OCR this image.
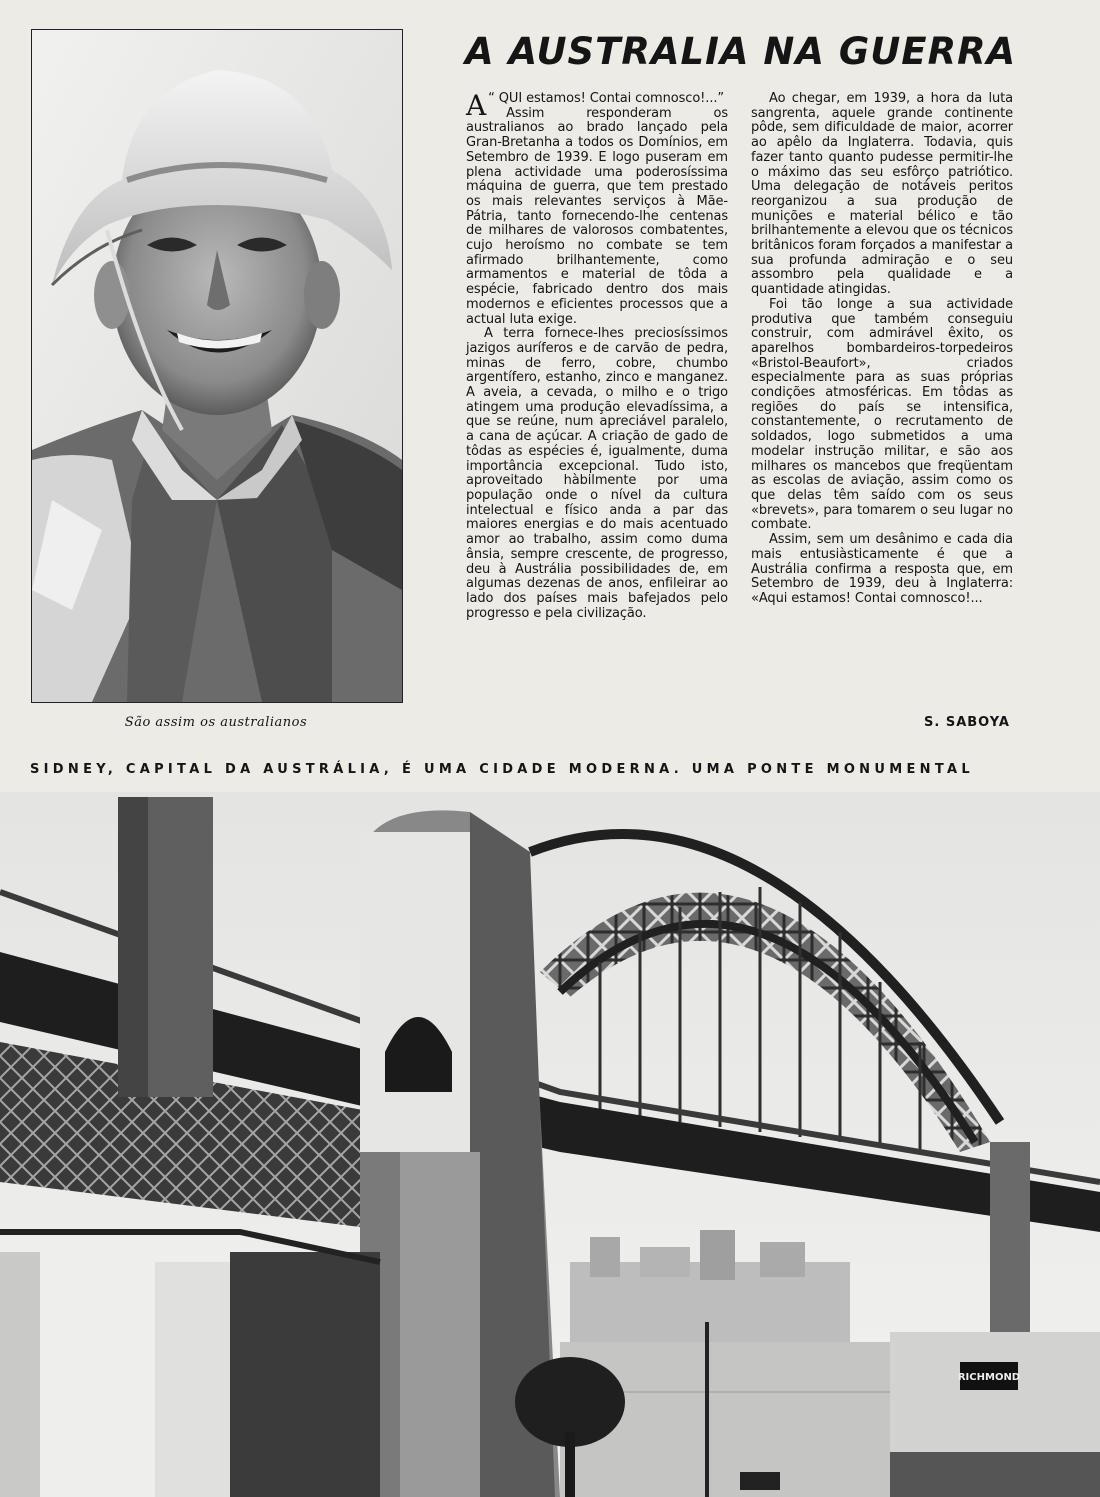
São assim os australianos
A AUSTRALIA NA GUERRA

A “ QUI estamos! Contai comnosco!...”

Assim responderam os australianos ao brado lançado pela Gran-Bretanha a todos os Domínios, em Setembro de 1939. E logo puseram em plena actividade uma poderosíssima máquina de guerra, que tem prestado os mais relevantes serviços à Mãe-Pátria, tanto fornecendo-lhe centenas de milhares de valorosos combatentes, cujo heroísmo no combate se tem afirmado brilhantemente, como armamentos e material de tôda a espécie, fabricado dentro dos mais modernos e eficientes processos que a actual luta exige.

A terra fornece-lhes preciosíssimos jazigos auríferos e de carvão de pedra, minas de ferro, cobre, chumbo argentífero, estanho, zinco e manganez. A aveia, a cevada, o milho e o trigo atingem uma produção elevadíssima, a que se reúne, num apreciável paralelo, a cana de açúcar. A criação de gado de tôdas as espécies é, igualmente, duma importância excepcional. Tudo isto, aproveitado hàbilmente por uma população onde o nível da cultura intelectual e físico anda a par das maiores energias e do mais acentuado amor ao trabalho, assim como duma ânsia, sempre crescente, de progresso, deu à Austrália possibilidades de, em algumas dezenas de anos, enfileirar ao lado dos países mais bafejados pelo progresso e pela civilização.

Ao chegar, em 1939, a hora da luta sangrenta, aquele grande continente pôde, sem dificuldade de maior, acorrer ao apêlo da Inglaterra. Todavia, quis fazer tanto quanto pudesse permitir-lhe o máximo das seu esfôrço patriótico. Uma delegação de notáveis peritos reorganizou a sua produção de munições e material bélico e tão brilhantemente a elevou que os técnicos britânicos foram forçados a manifestar a sua profunda admiração e o seu assombro pela qualidade e a quantidade atingidas.

Foi tão longe a sua actividade produtiva que também conseguiu construir, com admirável êxito, os aparelhos bombardeiros-torpedeiros «Bristol-Beaufort», criados especialmente para as suas próprias condições atmosféricas. Em tôdas as regiões do país se intensifica, constantemente, o recrutamento de soldados, logo submetidos a uma modelar instrução militar, e são aos milhares os mancebos que freqüentam as escolas de aviação, assim como os que delas têm saído com os seus «brevets», para tomarem o seu lugar no combate.

Assim, sem um desânimo e cada dia mais entusiàsticamente é que a Austrália confirma a resposta que, em Setembro de 1939, deu à Inglaterra: «Aqui estamos! Contai comnosco!...

S. SABOYA
SIDNEY, CAPITAL DA AUSTRÁLIA, É UMA CIDADE MODERNA. UMA PONTE MONUMENTAL
RICHMOND
